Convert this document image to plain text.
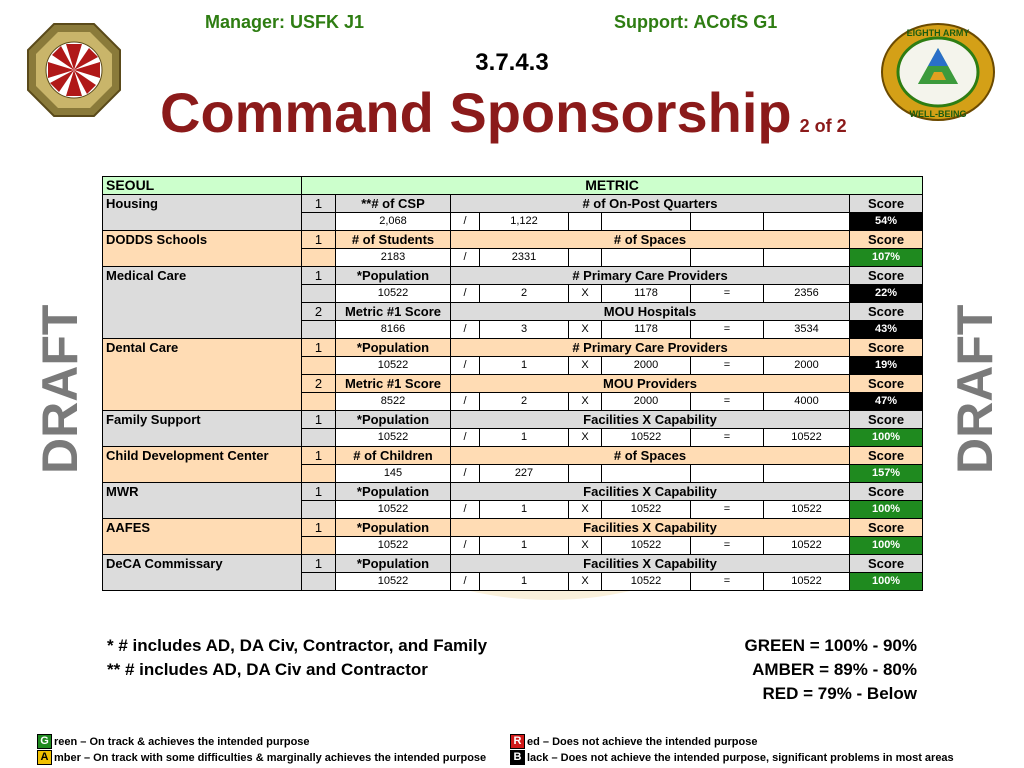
Manager: USFK J1	Support: ACofS G1
3.7.4.3
Command Sponsorship 2 of 2
DRAFT	DRAFT
EIGHTH ARMY
WELL-BEING
SEOUL	METRIC								
Housing	1	**# of CSP	# of On-Post Quarters						Score
		2,068	/	1,122					54%
DODDS Schools	1	# of Students	# of Spaces						Score
		2183	/	2331					107%
Medical Care	1	*Population	# Primary Care Providers						Score
		10522	/	2	X	1178	=	2356	22%
	2	Metric #1 Score	MOU Hospitals						Score
		8166	/	3	X	1178	=	3534	43%
Dental Care	1	*Population	# Primary Care Providers						Score
		10522	/	1	X	2000	=	2000	19%
	2	Metric #1 Score	MOU Providers						Score
		8522	/	2	X	2000	=	4000	47%
Family Support	1	*Population	Facilities X Capability						Score
		10522	/	1	X	10522	=	10522	100%
Child Development Center	1	# of Children	# of Spaces						Score
		145	/	227					157%
MWR	1	*Population	Facilities X Capability						Score
		10522	/	1	X	10522	=	10522	100%
AAFES	1	*Population	Facilities X Capability						Score
		10522	/	1	X	10522	=	10522	100%
DeCA Commissary	1	*Population	Facilities X Capability						Score
		10522	/	1	X	10522	=	10522	100%
* # includes AD, DA Civ, Contractor, and Family
** # includes AD, DA Civ and Contractor
GREEN = 100% - 90%
AMBER = 89% - 80%
RED = 79% - Below
G reen – On track & achieves the intended purpose
A mber – On track with some difficulties & marginally achieves the intended purpose
R ed – Does not achieve the intended purpose
B lack – Does not achieve the intended purpose, significant problems in most areas
